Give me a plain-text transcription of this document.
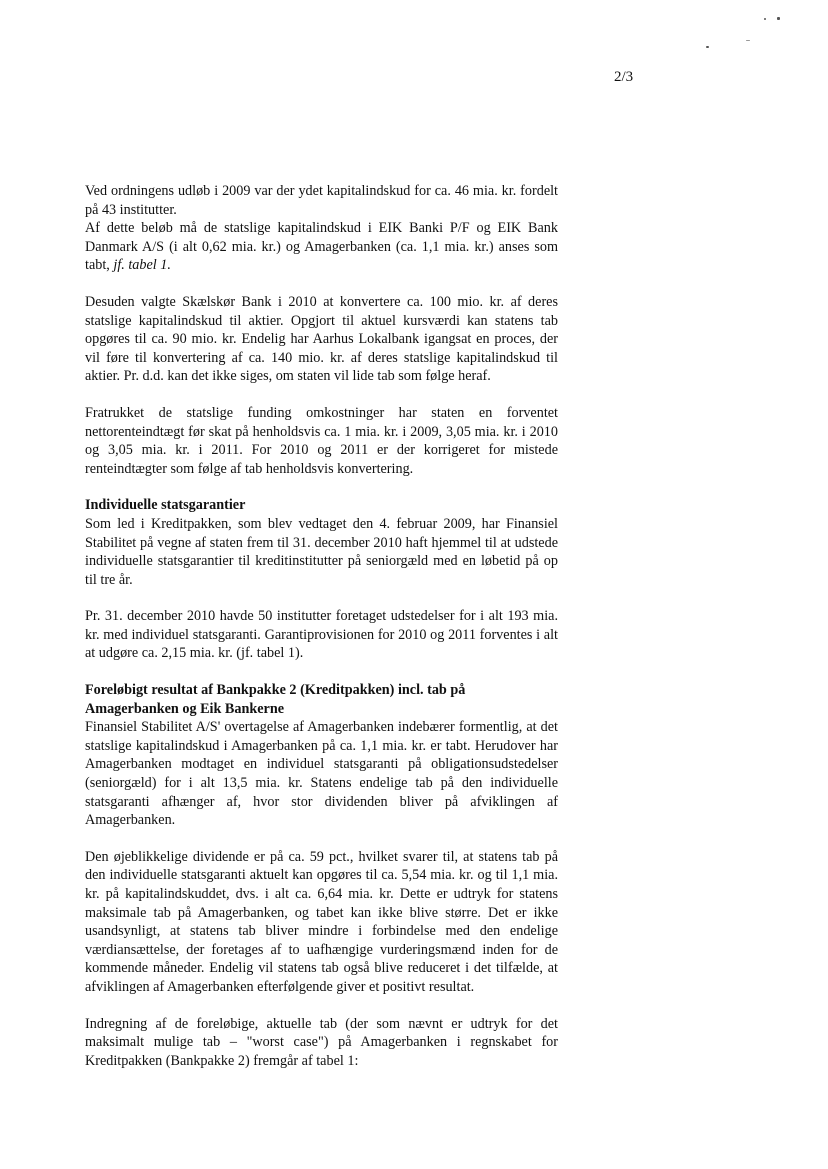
2/3

Ved ordningens udløb i 2009 var der ydet kapitalindskud for ca. 46 mia. kr. fordelt på 43 institutter.

Af dette beløb må de statslige kapitalindskud i EIK Banki P/F og EIK Bank Danmark A/S (i alt 0,62 mia. kr.) og Amagerbanken (ca. 1,1 mia. kr.) anses som tabt, jf. tabel 1.

Desuden valgte Skælskør Bank i 2010 at konvertere ca. 100 mio. kr. af deres statslige kapitalindskud til aktier. Opgjort til aktuel kursværdi kan statens tab opgøres til ca. 90 mio. kr. Endelig har Aarhus Lokalbank igangsat en proces, der vil føre til konvertering af ca. 140 mio. kr. af deres statslige kapitalindskud til aktier. Pr. d.d. kan det ikke siges, om staten vil lide tab som følge heraf.

Fratrukket de statslige funding omkostninger har staten en forventet nettorenteindtægt før skat på henholdsvis ca. 1 mia. kr. i 2009, 3,05 mia. kr. i 2010 og 3,05 mia. kr. i 2011. For 2010 og 2011 er der korrigeret for mistede renteindtægter som følge af tab henholdsvis konvertering.

Individuelle statsgarantier

Som led i Kreditpakken, som blev vedtaget den 4. februar 2009, har Finansiel Stabilitet på vegne af staten frem til 31. december 2010 haft hjemmel til at udstede individuelle statsgarantier til kreditinstitutter på seniorgæld med en løbetid på op til tre år.

Pr. 31. december 2010 havde 50 institutter foretaget udstedelser for i alt 193 mia. kr. med individuel statsgaranti. Garantiprovisionen for 2010 og 2011 forventes i alt at udgøre ca. 2,15 mia. kr. (jf. tabel 1).

Foreløbigt resultat af Bankpakke 2 (Kreditpakken) incl. tab på Amagerbanken og Eik Bankerne

Finansiel Stabilitet A/S' overtagelse af Amagerbanken indebærer formentlig, at det statslige kapitalindskud i Amagerbanken på ca. 1,1 mia. kr. er tabt. Herudover har Amagerbanken modtaget en individuel statsgaranti på obligationsudstedelser (seniorgæld) for i alt 13,5 mia. kr. Statens endelige tab på den individuelle statsgaranti afhænger af, hvor stor dividenden bliver på afviklingen af Amagerbanken.

Den øjeblikkelige dividende er på ca. 59 pct., hvilket svarer til, at statens tab på den individuelle statsgaranti aktuelt kan opgøres til ca. 5,54 mia. kr. og til 1,1 mia. kr. på kapitalindskuddet, dvs. i alt ca. 6,64 mia. kr. Dette er udtryk for statens maksimale tab på Amagerbanken, og tabet kan ikke blive større. Det er ikke usandsynligt, at statens tab bliver mindre i forbindelse med den endelige værdiansættelse, der foretages af to uafhængige vurderingsmænd inden for de kommende måneder. Endelig vil statens tab også blive reduceret i det tilfælde, at afviklingen af Amagerbanken efterfølgende giver et positivt resultat.

Indregning af de foreløbige, aktuelle tab (der som nævnt er udtryk for det maksimalt mulige tab – "worst case") på Amagerbanken i regnskabet for Kreditpakken (Bankpakke 2) fremgår af tabel 1:
